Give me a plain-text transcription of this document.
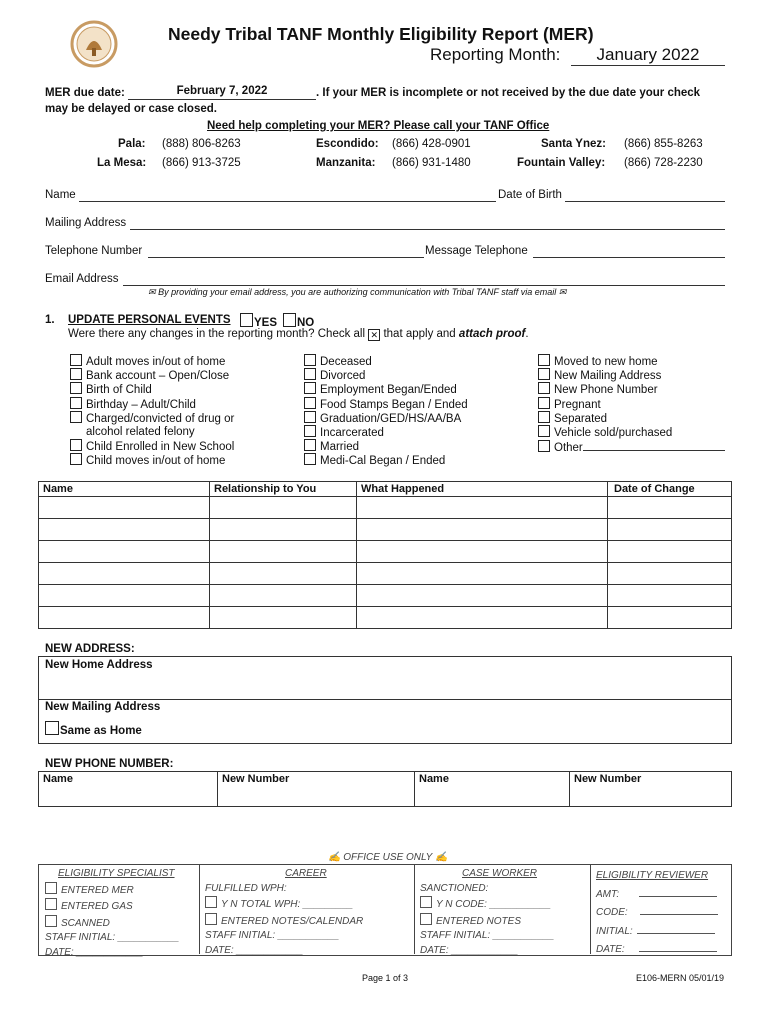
Needy Tribal TANF Monthly Eligibility Report (MER)
Reporting Month:	January 2022
MER due date:	February 7, 2022	. If your MER is incomplete or not received by the due date your check
may be delayed or case closed.
Need help completing your MER? Please call your TANF Office
Pala: (888) 806-8263	Escondido: (866) 428-0901	Santa Ynez: (866) 855-8263
La Mesa: (866) 913-3725	Manzanita: (866) 931-1480	Fountain Valley: (866) 728-2230
Name	Date of Birth
Mailing Address
Telephone Number	Message Telephone
Email Address
✉ By providing your email address, you are authorizing communication with Tribal TANF staff via email ✉
1. UPDATE PERSONAL EVENTS	YES	NO
Were there any changes in the reporting month? Check all ✕ that apply and attach proof.
Adult moves in/out of home
Bank account – Open/Close
Birth of Child
Birthday – Adult/Child
Charged/convicted of drug or
alcohol related felony
Child Enrolled in New School
Child moves in/out of home
Deceased
Divorced
Employment Began/Ended
Food Stamps Began / Ended
Graduation/GED/HS/AA/BA
Incarcerated
Married
Medi-Cal Began / Ended
Moved to new home
New Mailing Address
New Phone Number
Pregnant
Separated
Vehicle sold/purchased
Other
Name	Relationship to You	What Happened	Date of Change

NEW ADDRESS:
New Home Address
New Mailing Address
Same as Home
NEW PHONE NUMBER:
Name	New Number	Name	New Number
✍ OFFICE USE ONLY ✍
ELIGIBILITY SPECIALIST
ENTERED MER
ENTERED GAS
SCANNED
STAFF INITIAL: ___________
DATE: ____________
CAREER
FULFILLED WPH:
Y N TOTAL WPH: _________
ENTERED NOTES/CALENDAR
STAFF INITIAL: ___________
DATE: ____________
CASE WORKER
SANCTIONED:
Y N CODE: ___________
ENTERED NOTES
STAFF INITIAL: ___________
DATE: ____________
ELIGIBILITY REVIEWER
AMT:
CODE:
INITIAL:
DATE:
Page 1 of 3	E106-MERN 05/01/19
